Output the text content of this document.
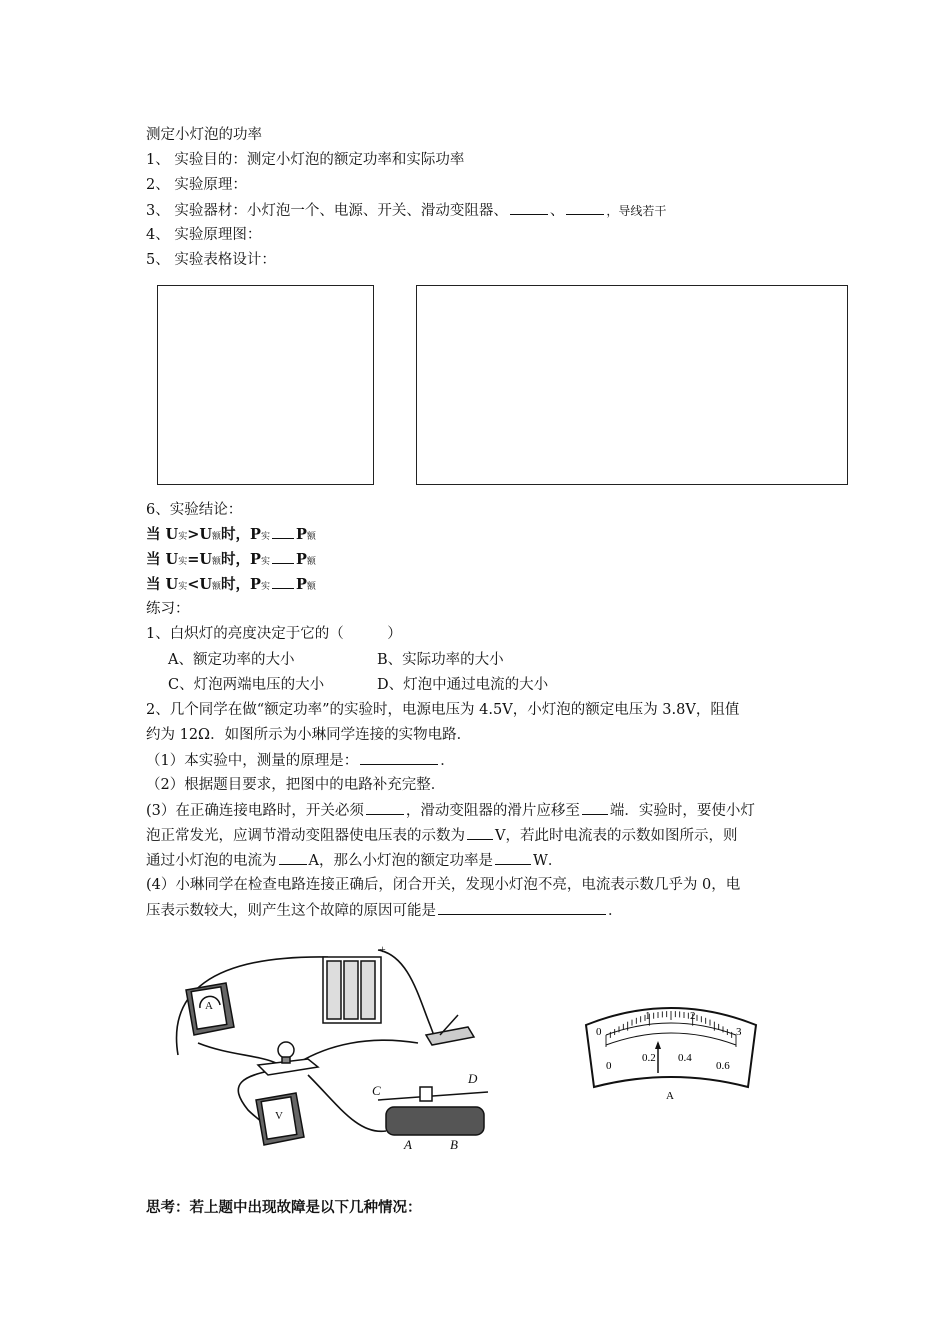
测定小灯泡的功率
1、 实验目的：测定小灯泡的额定功率和实际功率
2、 实验原理：
3、 实验器材：小灯泡一个、电源、开关、滑动变阻器、	、	，导线若干
4、 实验原理图：
5、 实验表格设计：
6、实验结论：
当 U实>U额时，P实 P额
当 U实=U额时，P实 P额
当 U实<U额时，P实 P额
练习：
1、白炽灯的亮度决定于它的（　　　）
A、额定功率的大小	B、实际功率的大小
C、灯泡两端电压的大小	D、灯泡中通过电流的大小
2、几个同学在做“额定功率”的实验时，电源电压为 4.5V，小灯泡的额定电压为 3.8V，阻值
约为 12Ω．如图所示为小琳同学连接的实物电路．
（1）本实验中，测量的原理是：	．
（2）根据题目要求，把图中的电路补充完整．
(3）在正确连接电路时，开关必须	，滑动变阻器的滑片应移至 端．实验时，要使小灯
泡正常发光，应调节滑动变阻器使电压表的示数为 V，若此时电流表的示数如图所示，则
通过小灯泡的电流为 A，那么小灯泡的额定功率是	W．
(4）小琳同学在检查电路连接正确后，闭合开关，发现小灯泡不亮，电流表示数几乎为 0，电
压表示数较大，则产生这个故障的原因可能是	．
+
A
V
C
D
A	B
0
1	2
3
0
0.2 0.4
0.6
A
思考：若上题中出现故障是以下几种情况：
